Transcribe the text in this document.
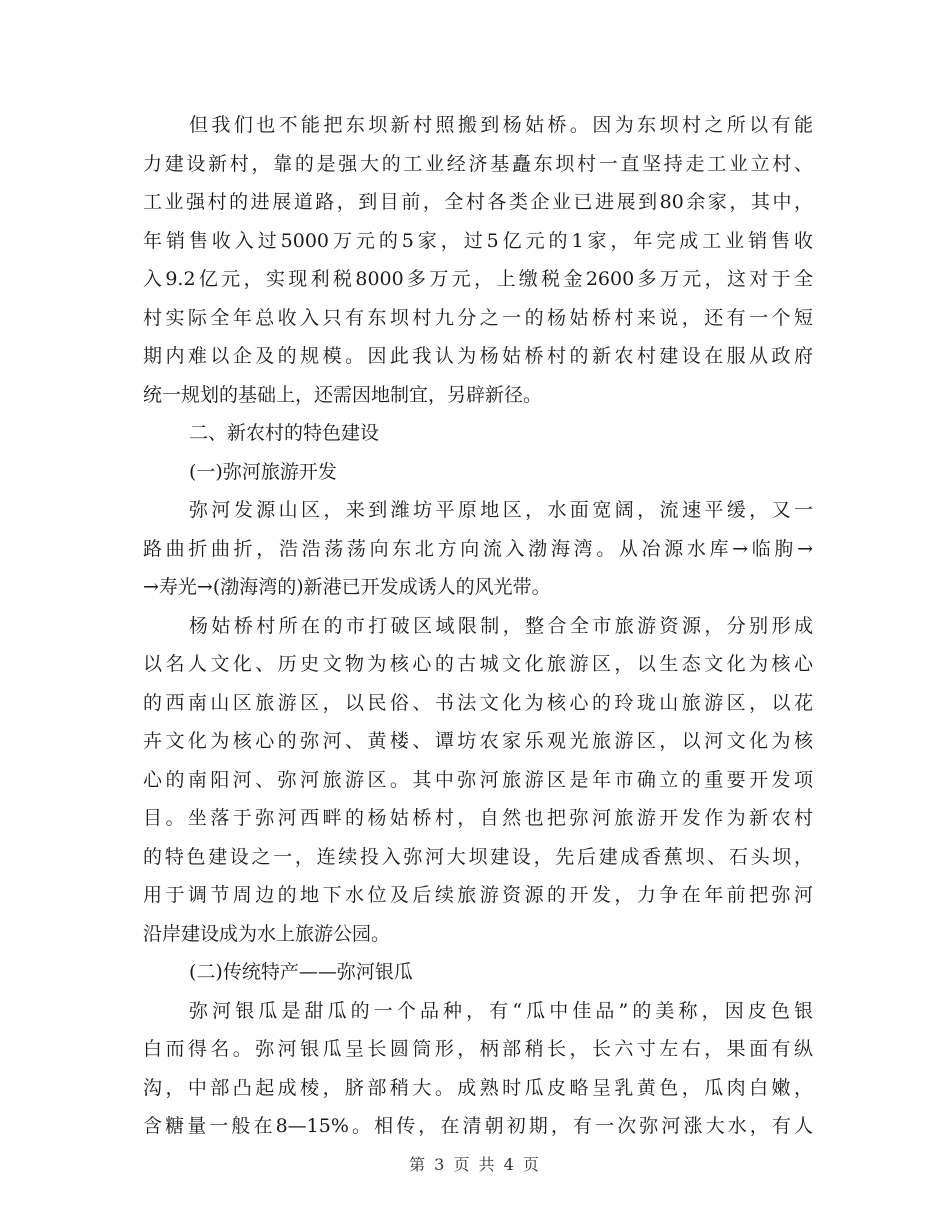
但我们也不能把东坝新村照搬到杨姑桥。因为东坝村之所以有能
力建设新村，靠的是强大的工业经济基矗东坝村一直坚持走工业立村、
工业强村的进展道路，到目前，全村各类企业已进展到80余家，其中，
年销售收入过5000万元的5家，过5亿元的1家，年完成工业销售收
入9.2亿元，实现利税8000多万元，上缴税金2600多万元，这对于全
村实际全年总收入只有东坝村九分之一的杨姑桥村来说，还有一个短
期内难以企及的规模。因此我认为杨姑桥村的新农村建设在服从政府
统一规划的基础上，还需因地制宜，另辟新径。
二、新农村的特色建设
(一)弥河旅游开发
弥河发源山区，来到潍坊平原地区，水面宽阔，流速平缓，又一
路曲折曲折，浩浩荡荡向东北方向流入渤海湾。从冶源水库→临朐→
→寿光→(渤海湾的)新港已开发成诱人的风光带。
杨姑桥村所在的市打破区域限制，整合全市旅游资源，分别形成
以名人文化、历史文物为核心的古城文化旅游区，以生态文化为核心
的西南山区旅游区，以民俗、书法文化为核心的玲珑山旅游区，以花
卉文化为核心的弥河、黄楼、谭坊农家乐观光旅游区，以河文化为核
心的南阳河、弥河旅游区。其中弥河旅游区是年市确立的重要开发项
目。坐落于弥河西畔的杨姑桥村，自然也把弥河旅游开发作为新农村
的特色建设之一，连续投入弥河大坝建设，先后建成香蕉坝、石头坝，
用于调节周边的地下水位及后续旅游资源的开发，力争在年前把弥河
沿岸建设成为水上旅游公园。
(二)传统特产——弥河银瓜
弥河银瓜是甜瓜的一个品种，有“瓜中佳品”的美称，因皮色银
白而得名。弥河银瓜呈长圆筒形，柄部稍长，长六寸左右，果面有纵
沟，中部凸起成棱，脐部稍大。成熟时瓜皮略呈乳黄色，瓜肉白嫩，
含糖量一般在8—15%。相传，在清朝初期，有一次弥河涨大水，有人
第 3 页 共 4 页
